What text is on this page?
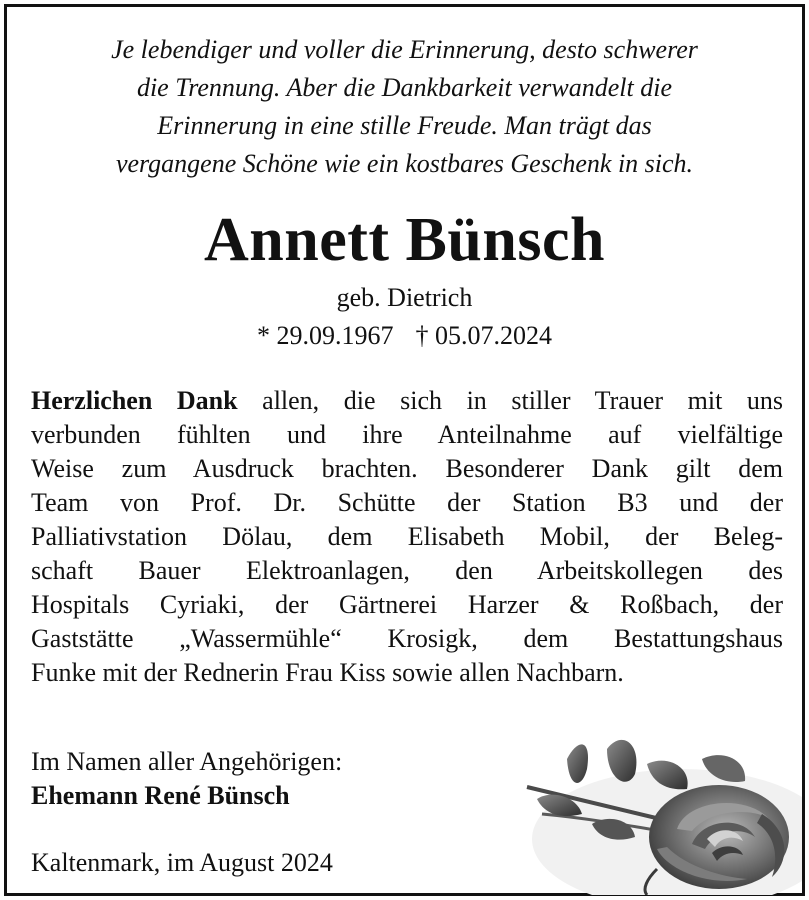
Je lebendiger und voller die Erinnerung, desto schwerer
die Trennung. Aber die Dankbarkeit verwandelt die
Erinnerung in eine stille Freude. Man trägt das
vergangene Schöne wie ein kostbares Geschenk in sich.
Annett Bünsch
geb. Dietrich
* 29.09.1967 † 05.07.2024
Herzlichen Dank allen, die sich in stiller Trauer mit uns
verbunden fühlten und ihre Anteilnahme auf vielfältige
Weise zum Ausdruck brachten. Besonderer Dank gilt dem
Team von Prof. Dr. Schütte der Station B3 und der
Palliativstation Dölau, dem Elisabeth Mobil, der Beleg-
schaft Bauer Elektroanlagen, den Arbeitskollegen des
Hospitals Cyriaki, der Gärtnerei Harzer & Roßbach, der
Gaststätte „Wassermühle“ Krosigk, dem Bestattungshaus
Funke mit der Rednerin Frau Kiss sowie allen Nachbarn.
Im Namen aller Angehörigen:
Ehemann René Bünsch
Kaltenmark, im August 2024
